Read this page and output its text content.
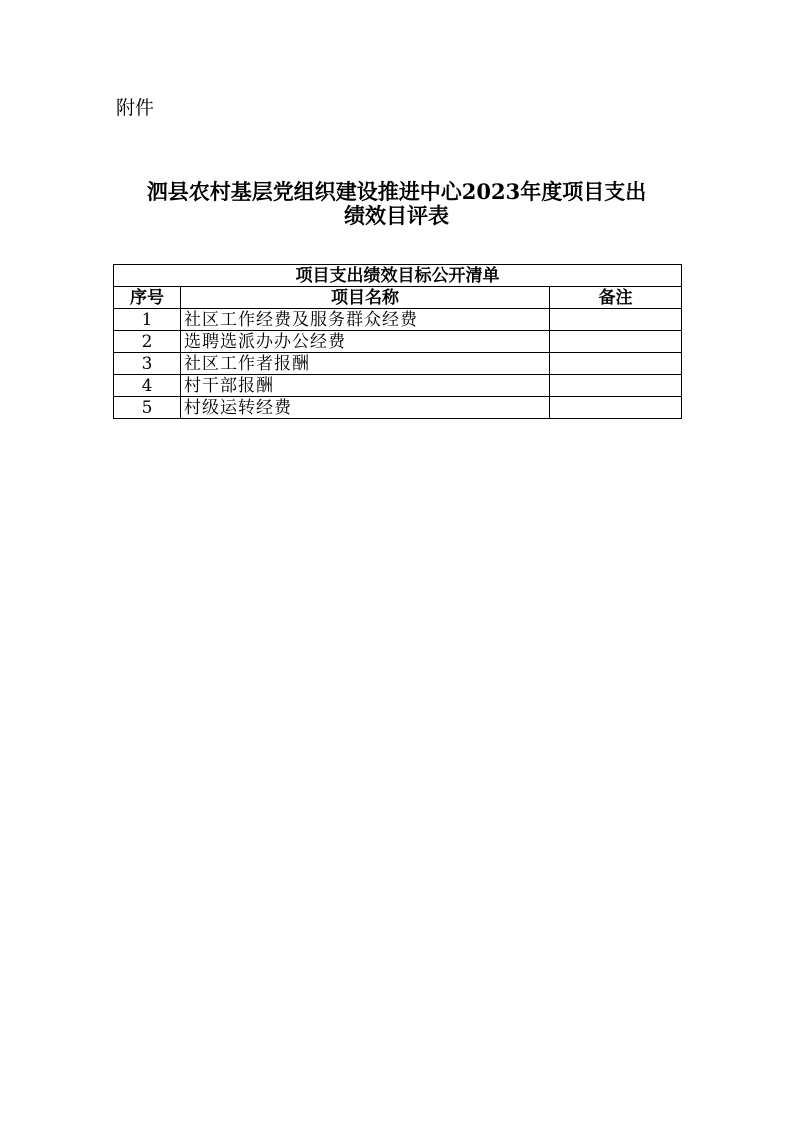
附件
泗县农村基层党组织建设推进中心2023年度项目支出
绩效目评表
项目支出绩效目标公开清单		
序号	项目名称	备注
1	社区工作经费及服务群众经费	
2	选聘选派办办公经费	
3	社区工作者报酬	
4	村干部报酬	
5	村级运转经费	
